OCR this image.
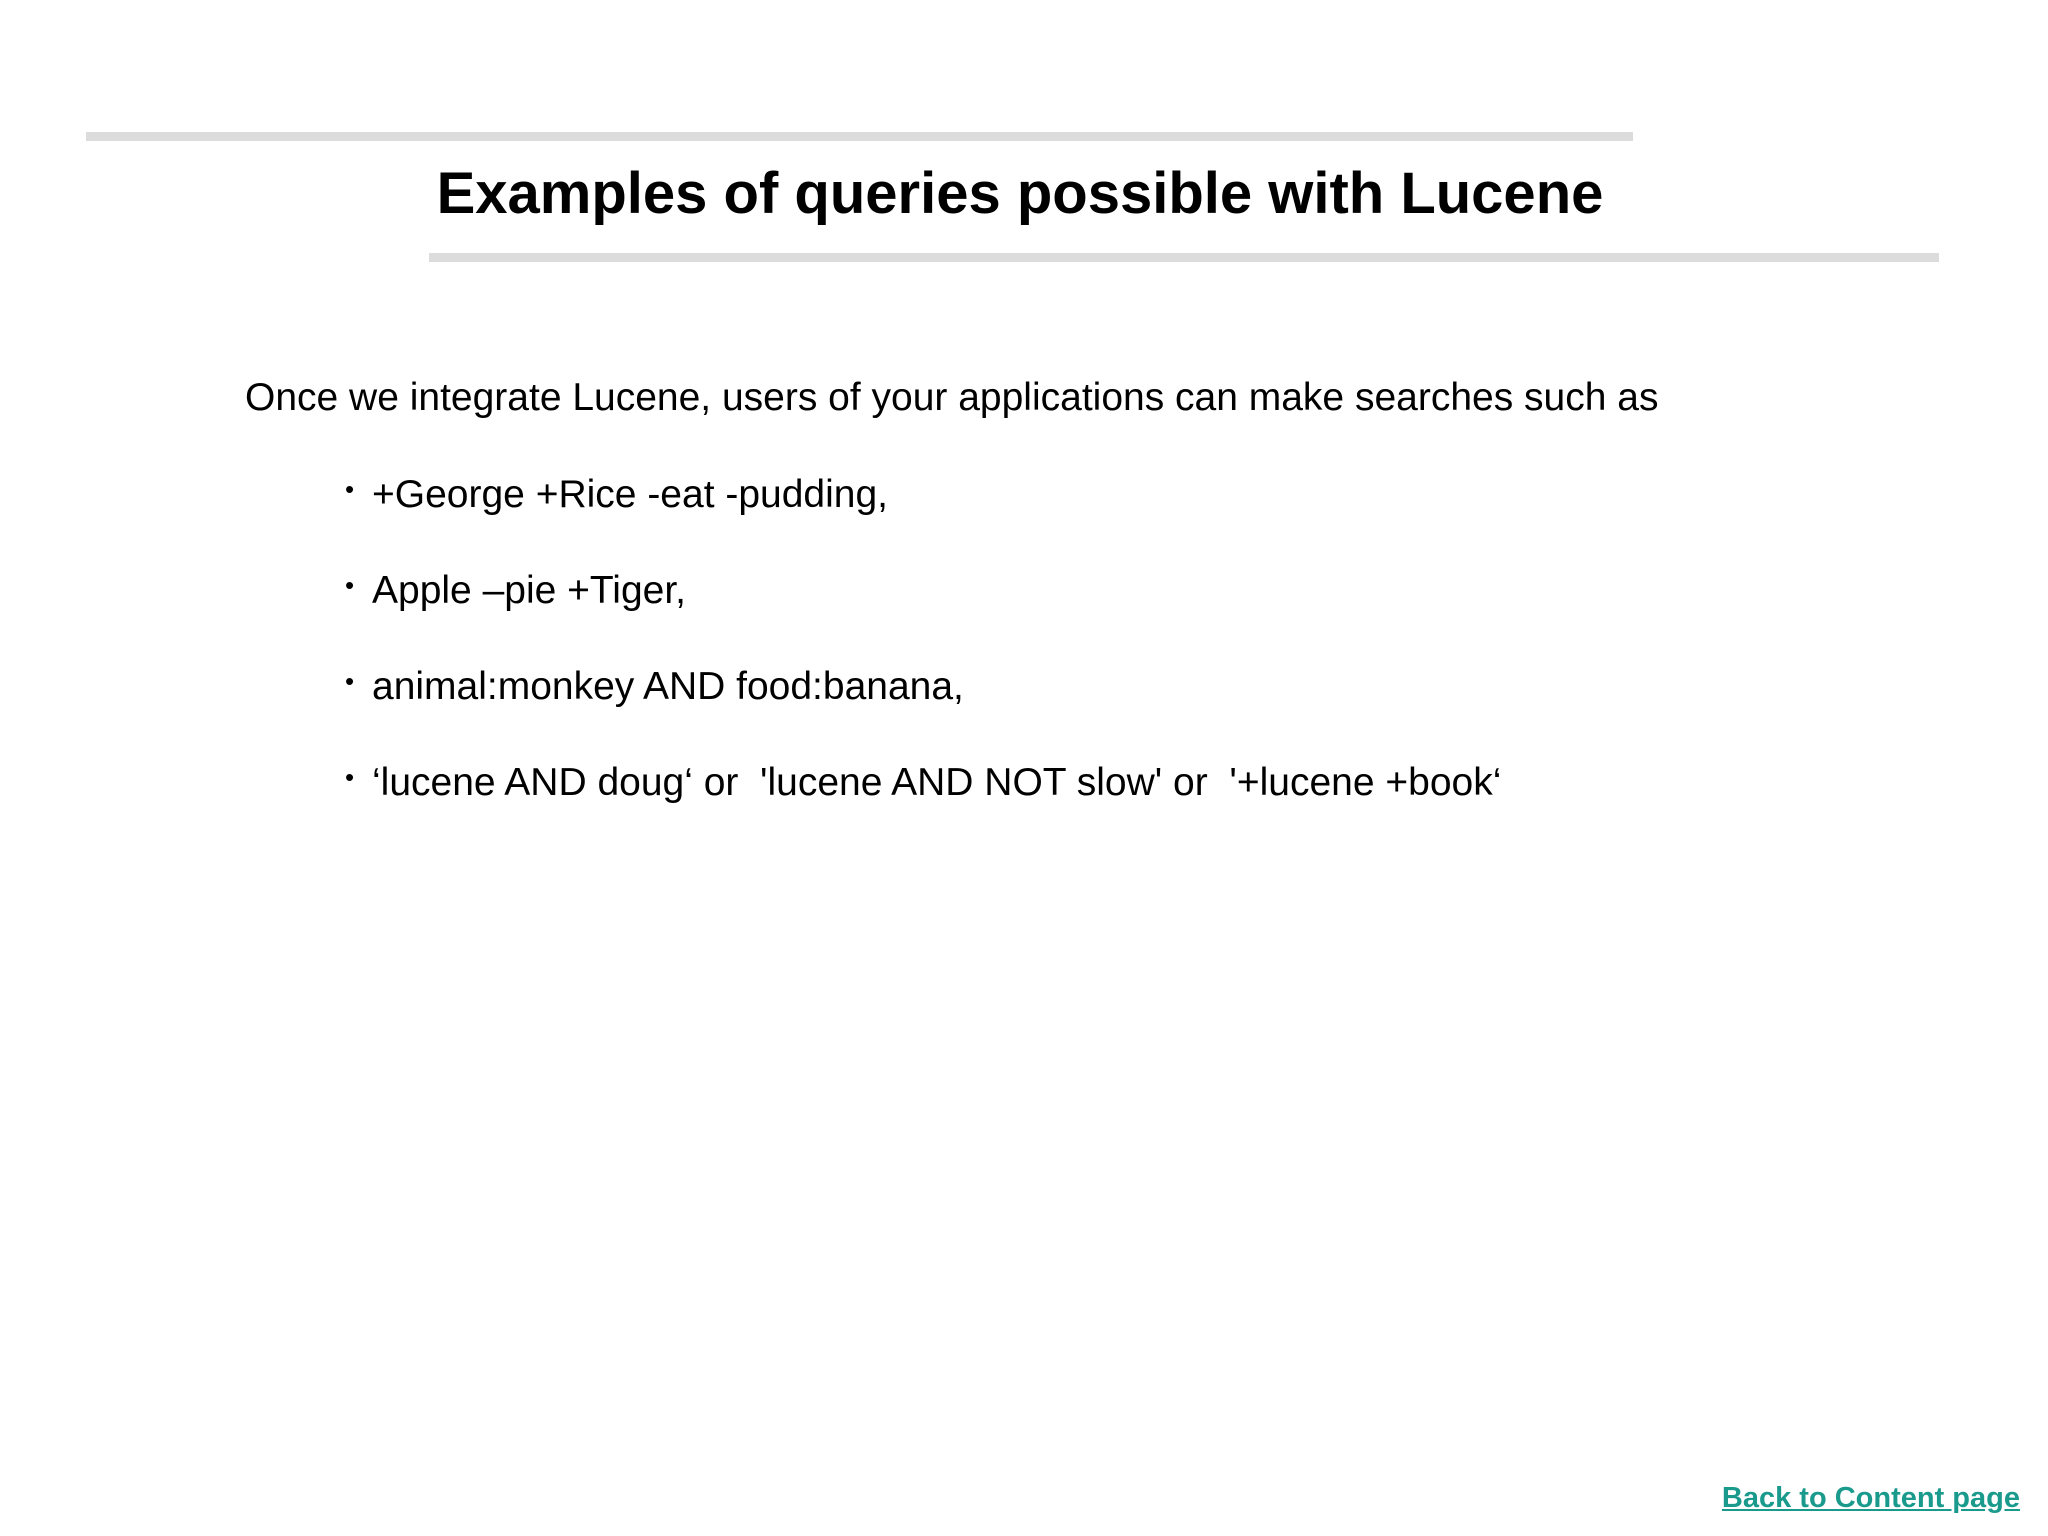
Examples of queries possible with Lucene

Once we integrate Lucene, users of your applications can make searches such as

• +George +Rice -eat -pudding,
• Apple –pie +Tiger,
• animal:monkey AND food:banana,
• ‘lucene AND doug‘ or  'lucene AND NOT slow' or  '+lucene +book‘
Back to Content page
